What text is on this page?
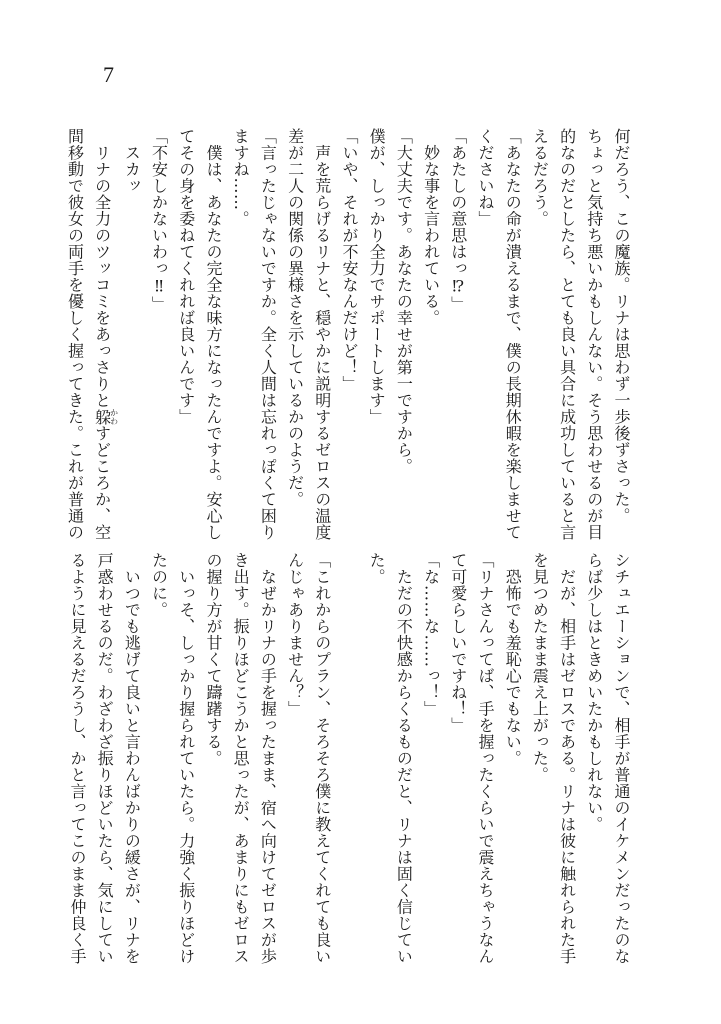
7
何だろう、この魔族。リナは思わず一歩後ずさった。
ちょっと気持ち悪いかもしんない。そう思わせるのが目
的なのだとしたら、とても良い具合に成功していると言
えるだろう。
「あなたの命が潰えるまで、僕の長期休暇を楽しませて
くださいね」
「あたしの意思はっ⁉」
　妙な事を言われている。
「大丈夫です。あなたの幸せが第一ですから。
僕が、しっかり全力でサポートします」
「いや、それが不安なんだけど！」
　声を荒らげるリナと、穏やかに説明するゼロスの温度
差が二人の関係の異様さを示しているかのようだ。
「言ったじゃないですか。全く人間は忘れっぽくて困り
ますね……。
　僕は、あなたの完全な味方になったんですよ。安心し
てその身を委ねてくれれば良いんです」
「不安しかないわっ‼」
　スカッ
　リナの全力のツッコミをあっさりと躱かわすどころか、空
間移動で彼女の両手を優しく握ってきた。これが普通の
シチュエーションで、相手が普通のイケメンだったのな
らば少しはときめいたかもしれない。
　だが、相手はゼロスである。リナは彼に触れられた手
を見つめたまま震え上がった。
　恐怖でも羞恥心でもない。
「リナさんってば、手を握ったくらいで震えちゃうなん
て可愛らしいですね！」
「な……な……っ！」
　ただの不快感からくるものだと、リナは固く信じてい
た。
「これからのプラン、そろそろ僕に教えてくれても良い
んじゃありません？」
　なぜかリナの手を握ったまま、宿へ向けてゼロスが歩
き出す。振りほどこうかと思ったが、あまりにもゼロス
の握り方が甘くて躊躇する。
　いっそ、しっかり握られていたら。力強く振りほどけ
たのに。
　いつでも逃げて良いと言わんばかりの緩さが、リナを
戸惑わせるのだ。わざわざ振りほどいたら、気にしてい
るように見えるだろうし、かと言ってこのまま仲良く手
